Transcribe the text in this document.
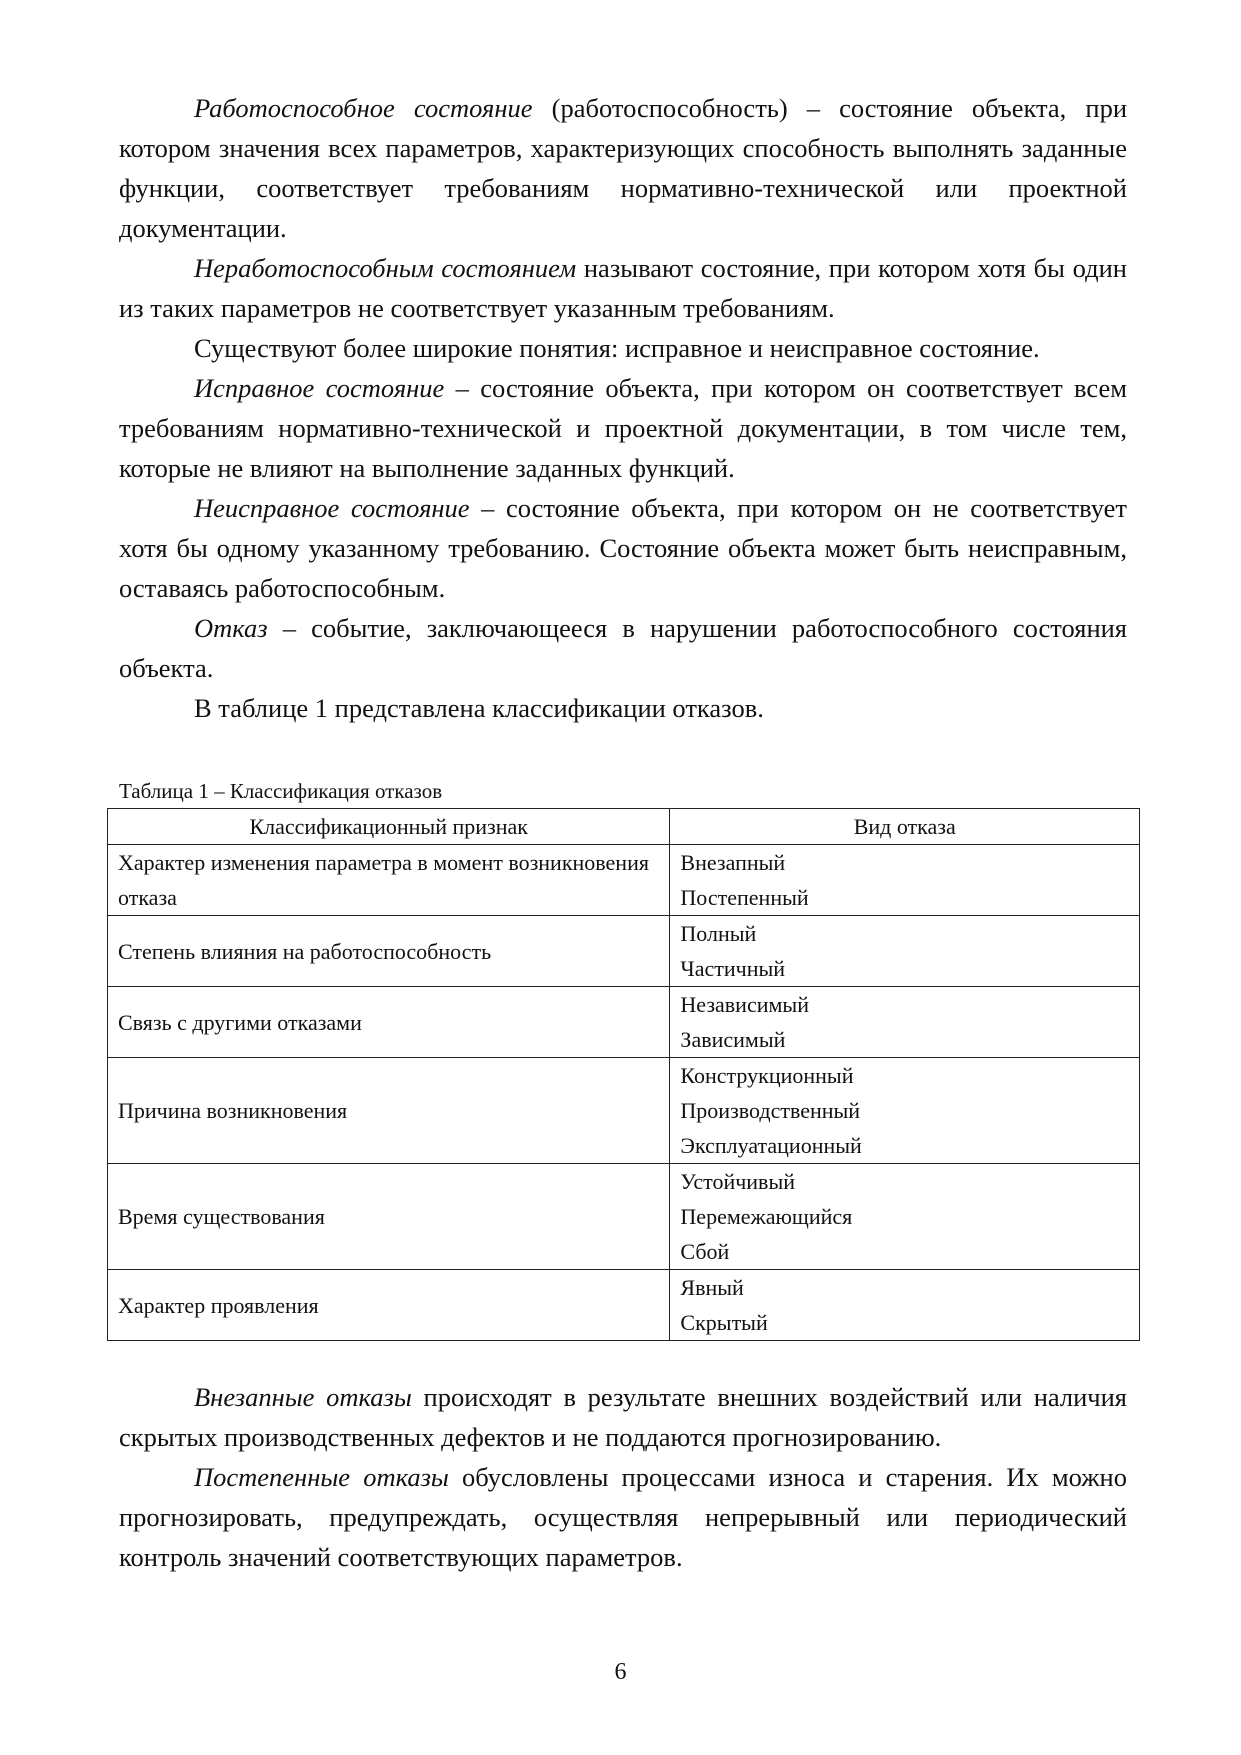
Работоспособное состояние (работоспособность) – состояние объекта, при котором значения всех параметров, характеризующих способность выполнять заданные функции, соответствует требованиям нормативно-технической или проектной документации.

Неработоспособным состоянием называют состояние, при котором хотя бы один из таких параметров не соответствует указанным требованиям.

Существуют более широкие понятия: исправное и неисправное состояние.

Исправное состояние – состояние объекта, при котором он соответствует всем требованиям нормативно-технической и проектной документации, в том числе тем, которые не влияют на выполнение заданных функций.

Неисправное состояние – состояние объекта, при котором он не соответствует хотя бы одному указанному требованию. Состояние объекта может быть неисправным, оставаясь работоспособным.

Отказ – событие, заключающееся в нарушении работоспособного состояния объекта.

В таблице 1 представлена классификации отказов.

Таблица 1 – Классификация отказов
Классификационный признак	Вид отказа
Характер изменения параметра в момент возникновения отказа	Внезапный
Постепенный

Степень влияния на работоспособность	Полный
Частичный

Связь с другими отказами	Независимый
Зависимый

Причина возникновения	Конструкционный
Производственный
Эксплуатационный

Время существования	Устойчивый
Перемежающийся
Сбой

Характер проявления	Явный
Скрытый

Внезапные отказы происходят в результате внешних воздействий или наличия скрытых производственных дефектов и не поддаются прогнозированию.

Постепенные отказы обусловлены процессами износа и старения. Их можно прогнозировать, предупреждать, осуществляя непрерывный или периодический контроль значений соответствующих параметров.

6
